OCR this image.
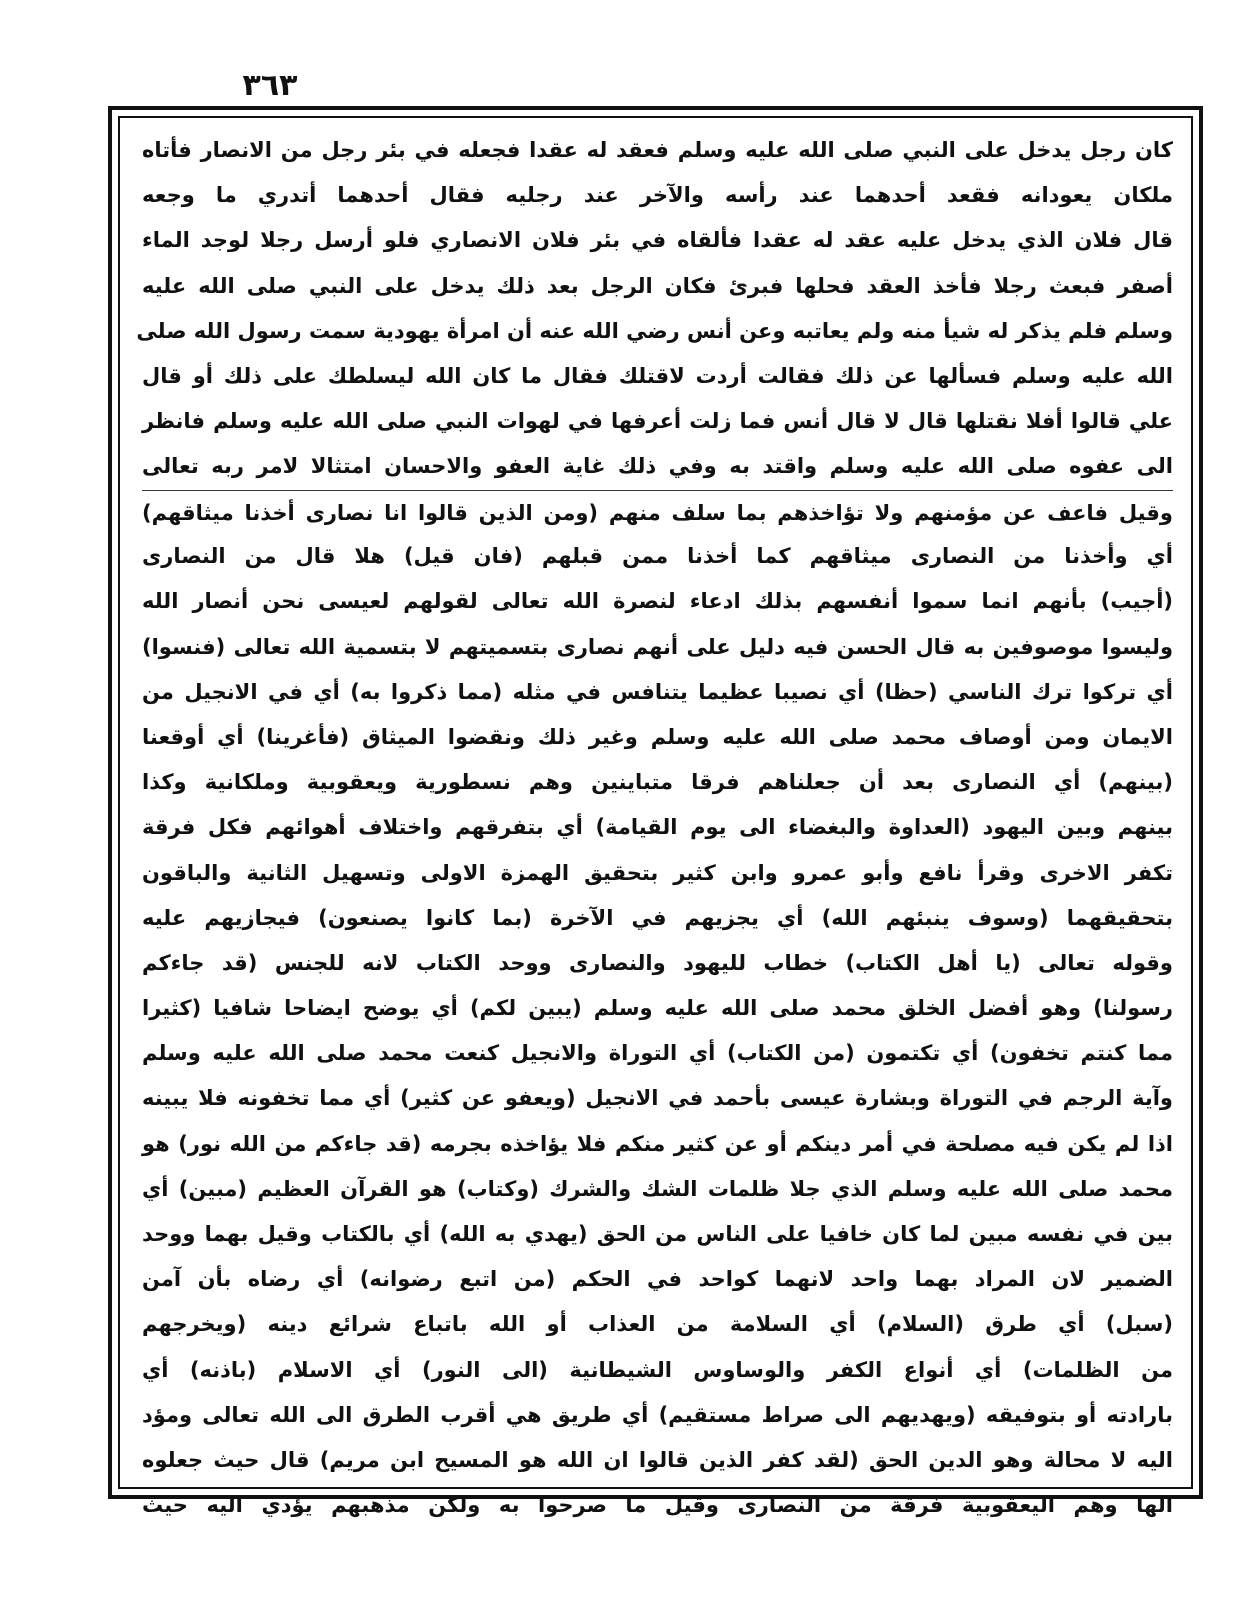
٣٦٣
كان رجل يدخل على النبي صلى الله عليه وسلم فعقد له عقدا فجعله في بئر رجل من الانصار فأتاه
ملكان يعودانه فقعد أحدهما عند رأسه والآخر عند رجليه فقال أحدهما أتدري ما وجعه
قال فلان الذي يدخل عليه عقد له عقدا فألقاه في بئر فلان الانصاري فلو أرسل رجلا لوجد الماء
أصفر فبعث رجلا فأخذ العقد فحلها فبرئ فكان الرجل بعد ذلك يدخل على النبي صلى الله عليه
وسلم فلم يذكر له شيأ منه ولم يعاتبه وعن أنس رضي الله عنه أن امرأة يهودية سمت رسول الله صلى
الله عليه وسلم فسألها عن ذلك فقالت أردت لاقتلك فقال ما كان الله ليسلطك على ذلك أو قال
علي قالوا أفلا نقتلها قال لا قال أنس فما زلت أعرفها في لهوات النبي صلى الله عليه وسلم فانظر
الى عفوه صلى الله عليه وسلم واقتد به وفي ذلك غاية العفو والاحسان امتثالا لامر ربه تعالى
وقيل فاعف عن مؤمنهم ولا تؤاخذهم بما سلف منهم (ومن الذين قالوا انا نصارى أخذنا ميثاقهم)
أي وأخذنا من النصارى ميثاقهم كما أخذنا ممن قبلهم (فان قيل) هلا قال من النصارى
(أجيب) بأنهم انما سموا أنفسهم بذلك ادعاء لنصرة الله تعالى لقولهم لعيسى نحن أنصار الله
وليسوا موصوفين به قال الحسن فيه دليل على أنهم نصارى بتسميتهم لا بتسمية الله تعالى (فنسوا)
أي تركوا ترك الناسي (حظا) أي نصيبا عظيما يتنافس في مثله (مما ذكروا به) أي في الانجيل من
الايمان ومن أوصاف محمد صلى الله عليه وسلم وغير ذلك ونقضوا الميثاق (فأغرينا) أي أوقعنا
(بينهم) أي النصارى بعد أن جعلناهم فرقا متباينين وهم نسطورية ويعقوبية وملكانية وكذا
بينهم وبين اليهود (العداوة والبغضاء الى يوم القيامة) أي بتفرقهم واختلاف أهوائهم فكل فرقة
تكفر الاخرى وقرأ نافع وأبو عمرو وابن كثير بتحقيق الهمزة الاولى وتسهيل الثانية والباقون
بتحقيقهما (وسوف ينبئهم الله) أي يجزيهم في الآخرة (بما كانوا يصنعون) فيجازيهم عليه
وقوله تعالى (يا أهل الكتاب) خطاب لليهود والنصارى ووحد الكتاب لانه للجنس (قد جاءكم
رسولنا) وهو أفضل الخلق محمد صلى الله عليه وسلم (يبين لكم) أي يوضح ايضاحا شافيا (كثيرا
مما كنتم تخفون) أي تكتمون (من الكتاب) أي التوراة والانجيل كنعت محمد صلى الله عليه وسلم
وآية الرجم في التوراة وبشارة عيسى بأحمد في الانجيل (ويعفو عن كثير) أي مما تخفونه فلا يبينه
اذا لم يكن فيه مصلحة في أمر دينكم أو عن كثير منكم فلا يؤاخذه بجرمه (قد جاءكم من الله نور) هو
محمد صلى الله عليه وسلم الذي جلا ظلمات الشك والشرك (وكتاب) هو القرآن العظيم (مبين) أي
بين في نفسه مبين لما كان خافيا على الناس من الحق (يهدي به الله) أي بالكتاب وقيل بهما ووحد
الضمير لان المراد بهما واحد لانهما كواحد في الحكم (من اتبع رضوانه) أي رضاه بأن آمن
(سبل) أي طرق (السلام) أي السلامة من العذاب أو الله باتباع شرائع دينه (ويخرجهم
من الظلمات) أي أنواع الكفر والوساوس الشيطانية (الى النور) أي الاسلام (باذنه) أي
بارادته أو بتوفيقه (ويهديهم الى صراط مستقيم) أي طريق هي أقرب الطرق الى الله تعالى ومؤد
اليه لا محالة وهو الدين الحق (لقد كفر الذين قالوا ان الله هو المسيح ابن مريم) قال حيث جعلوه
الها وهم اليعقوبية فرقة من النصارى وقيل ما صرحوا به ولكن مذهبهم يؤدي اليه حيث
